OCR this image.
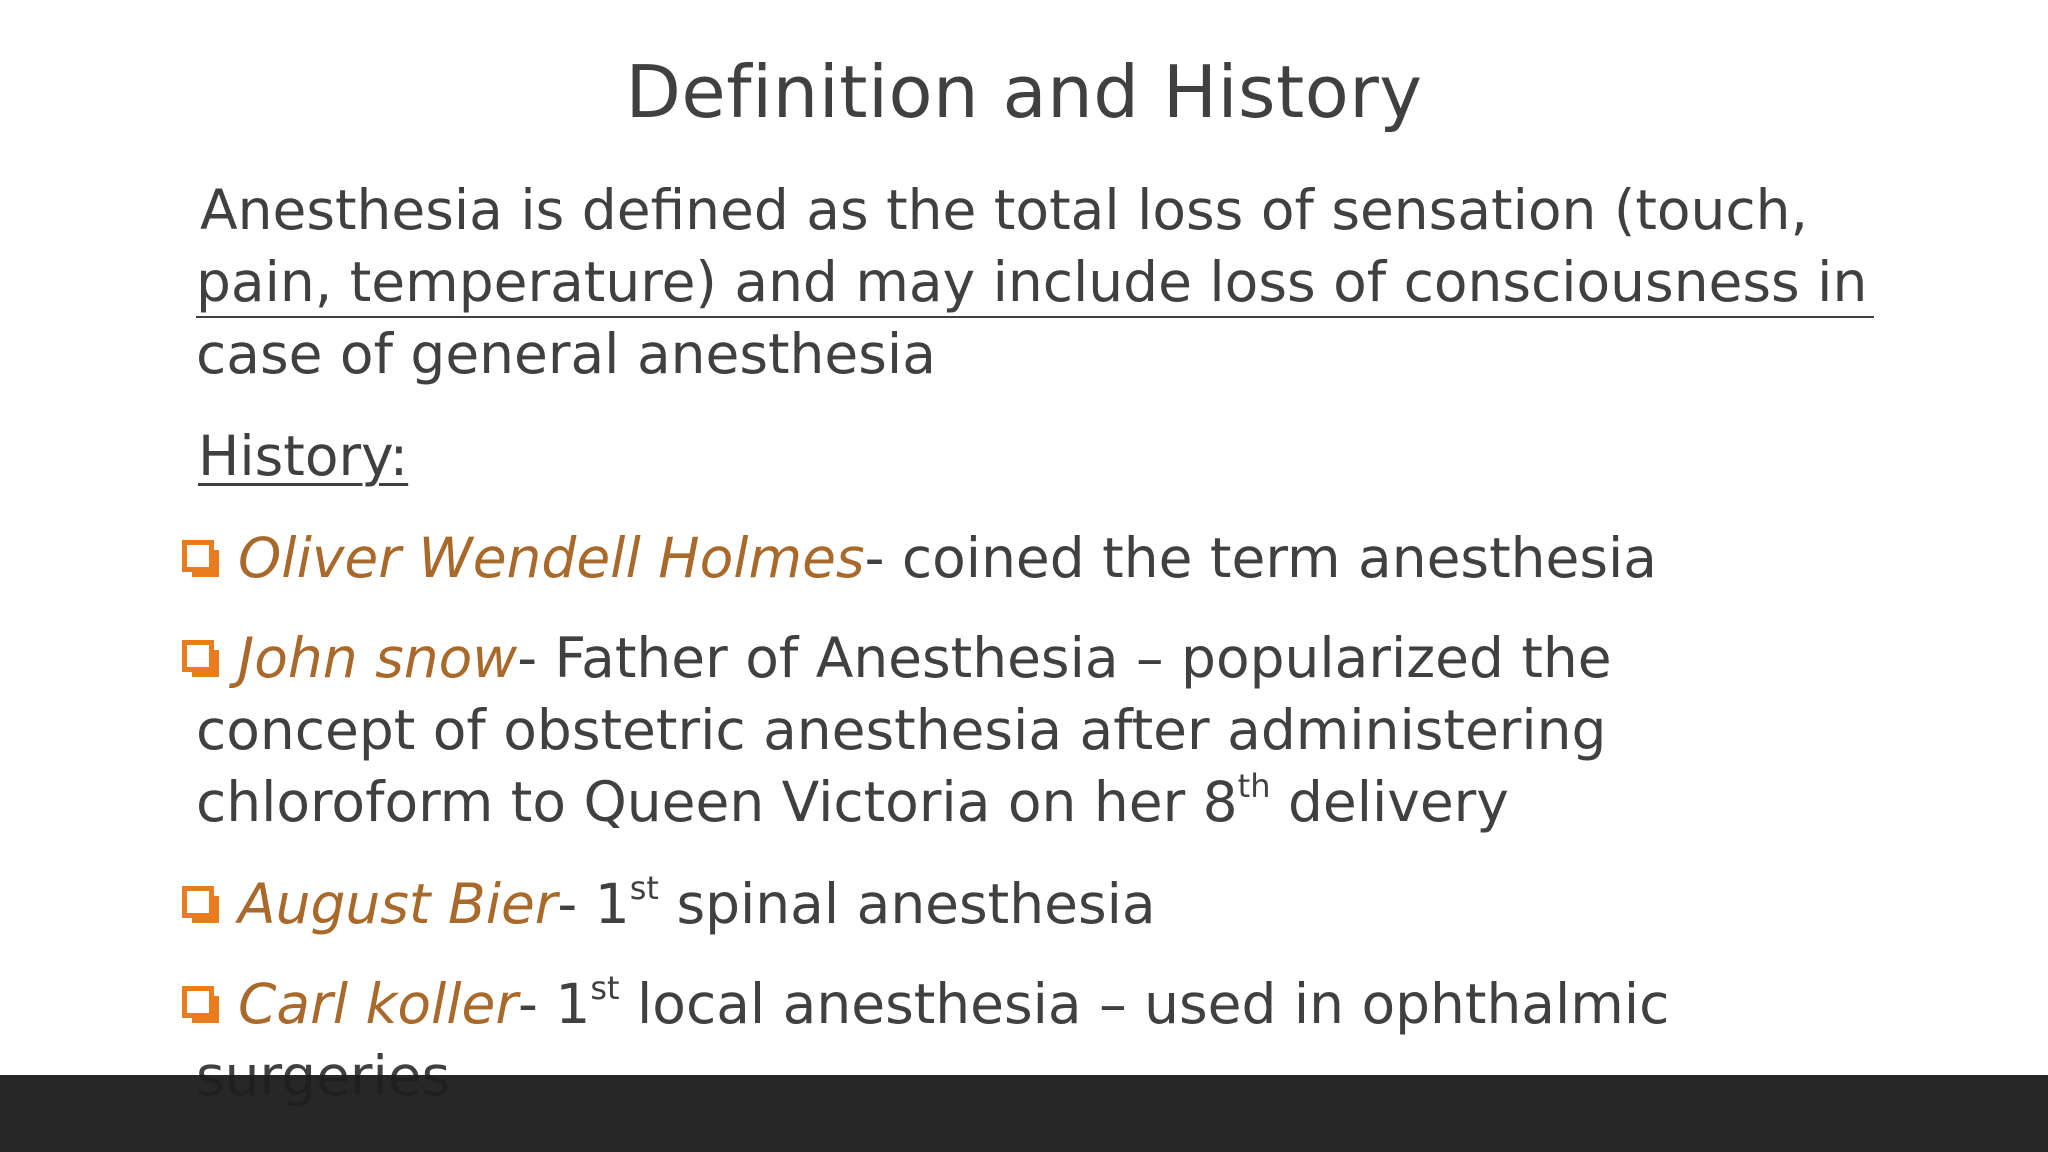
Definition and History
Anesthesia is defined as the total loss of sensation (touch,
pain, temperature) and may include loss of consciousness in
case of general anesthesia
History:
Oliver Wendell Holmes- coined the term anesthesia
John snow- Father of Anesthesia – popularized the
concept of obstetric anesthesia after administering
chloroform to Queen Victoria on her 8th delivery
August Bier- 1st spinal anesthesia
Carl koller- 1st local anesthesia – used in ophthalmic
